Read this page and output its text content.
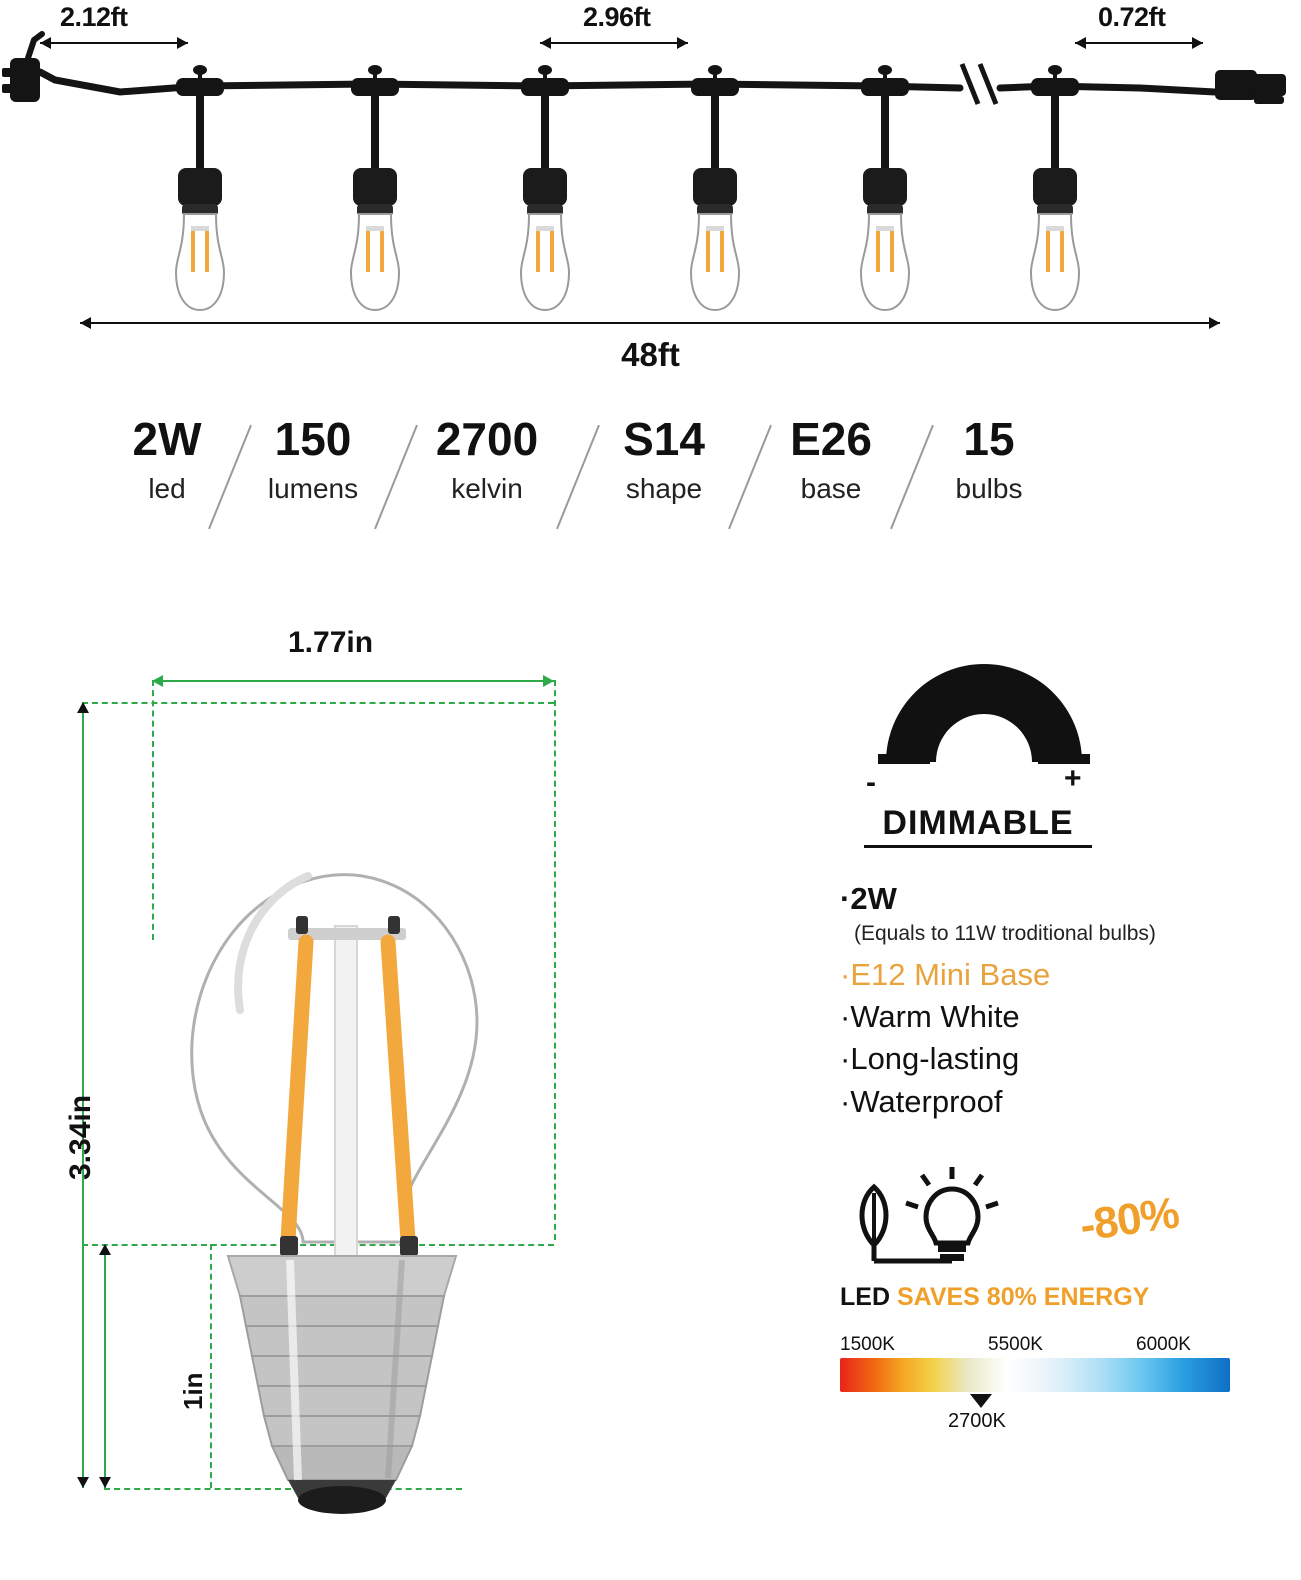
2.12ft	2.96ft	0.72ft
48ft
2W
led
150
lumens
2700
kelvin
S14
shape
E26
base
15
bulbs
1.77in
3.34in
1in
-	+
DIMMABLE
·2W
(Equals to 11W troditional bulbs)
·E12 Mini Base
·Warm White
·Long-lasting
·Waterproof
-80%
LED SAVES 80% ENERGY
1500K	5500K	6000K
2700K
